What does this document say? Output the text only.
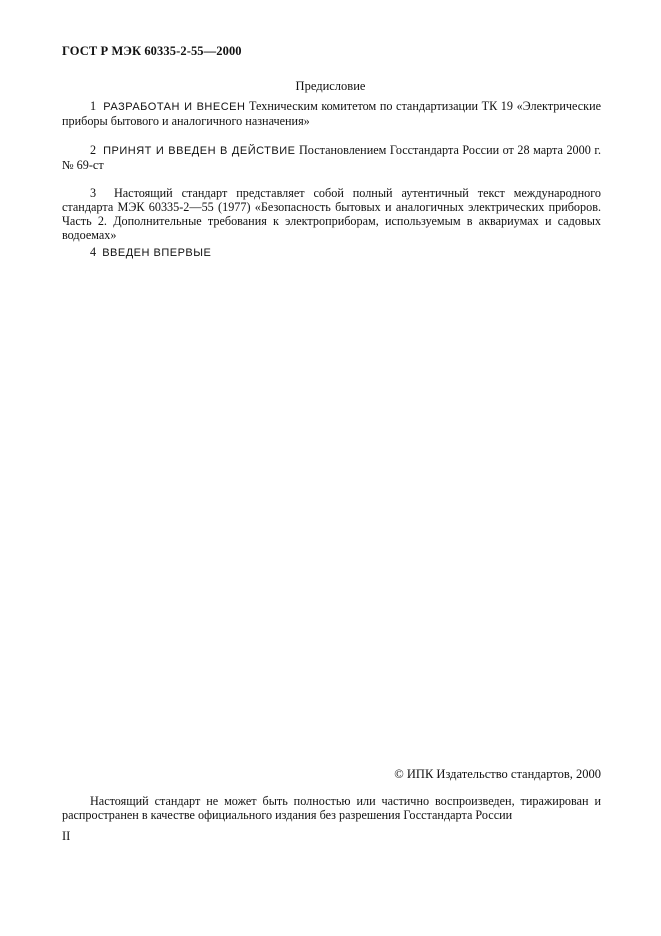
ГОСТ Р МЭК 60335-2-55—2000
Предисловие

1 РАЗРАБОТАН И ВНЕСЕН Техническим комитетом по стандартизации ТК 19 «Электрические приборы бытового и аналогичного назначения»

2 ПРИНЯТ И ВВЕДЕН В ДЕЙСТВИЕ Постановлением Госстандарта России от 28 марта 2000 г. № 69-ст

3 Настоящий стандарт представляет собой полный аутентичный текст международного стандарта МЭК 60335-2—55 (1977) «Безопасность бытовых и аналогичных электрических приборов. Часть 2. Дополнительные требования к электроприборам, используемым в аквариумах и садовых водоемах»

4 ВВЕДЕН ВПЕРВЫЕ

© ИПК Издательство стандартов, 2000

Настоящий стандарт не может быть полностью или частично воспроизведен, тиражирован и распространен в качестве официального издания без разрешения Госстандарта России

II
